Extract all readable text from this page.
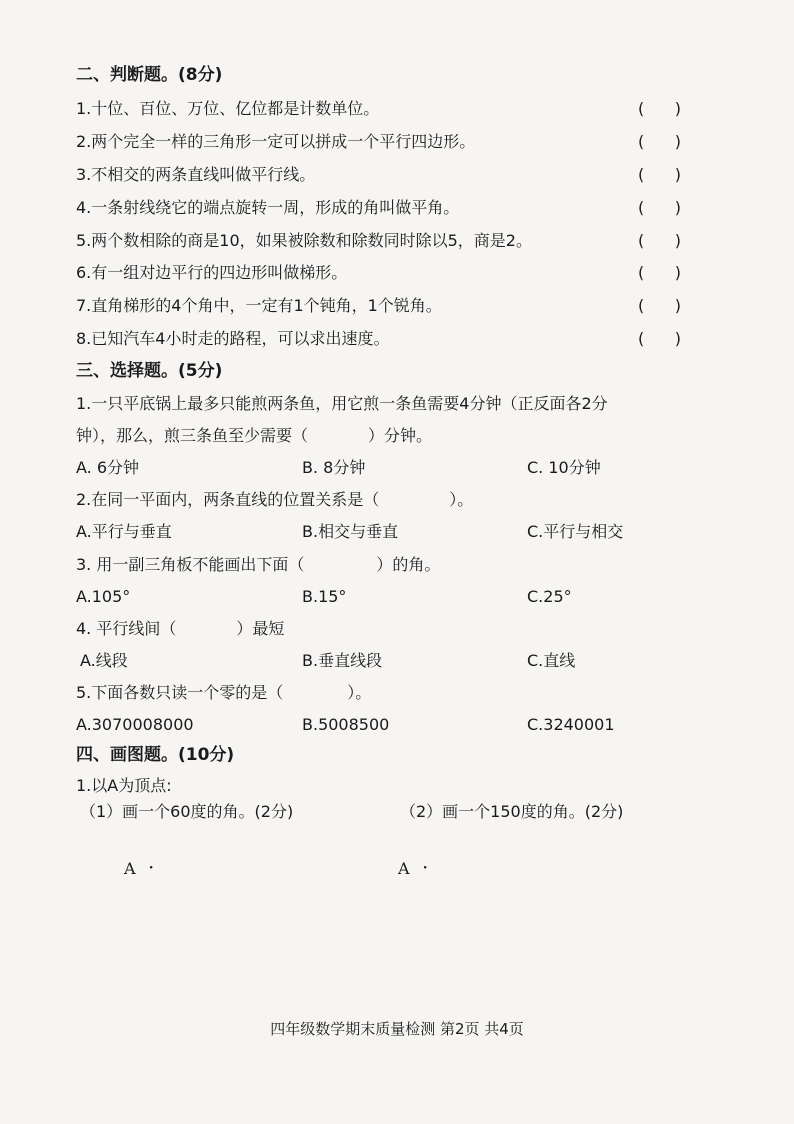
二、判断题。(8分)
1.十位、百位、万位、亿位都是计数单位。	(      )
2.两个完全一样的三角形一定可以拼成一个平行四边形。	(      )
3.不相交的两条直线叫做平行线。	(      )
4.一条射线绕它的端点旋转一周，形成的角叫做平角。	(      )
5.两个数相除的商是10，如果被除数和除数同时除以5，商是2。	(      )
6.有一组对边平行的四边形叫做梯形。	(      )
7.直角梯形的4个角中，一定有1个钝角，1个锐角。	(      )
8.已知汽车4小时走的路程，可以求出速度。	(      )
三、选择题。(5分)
1.一只平底锅上最多只能煎两条鱼，用它煎一条鱼需要4分钟（正反面各2分
钟），那么，煎三条鱼至少需要（	）分钟。
A. 6分钟	B. 8分钟	C. 10分钟
2.在同一平面内，两条直线的位置关系是（	）。
A.平行与垂直	B.相交与垂直	C.平行与相交
3. 用一副三角板不能画出下面（	）的角。
A.105°	B.15°	C.25°
4. 平行线间（	）最短
A.线段	B.垂直线段	C.直线
5.下面各数只读一个零的是（	）。
A.3070008000	B.5008500	C.3240001
四、画图题。(10分)
1.以A为顶点:
（1）画一个60度的角。(2分)	（2）画一个150度的角。(2分)
A ·	A ·
四年级数学期末质量检测 第2页 共4页
